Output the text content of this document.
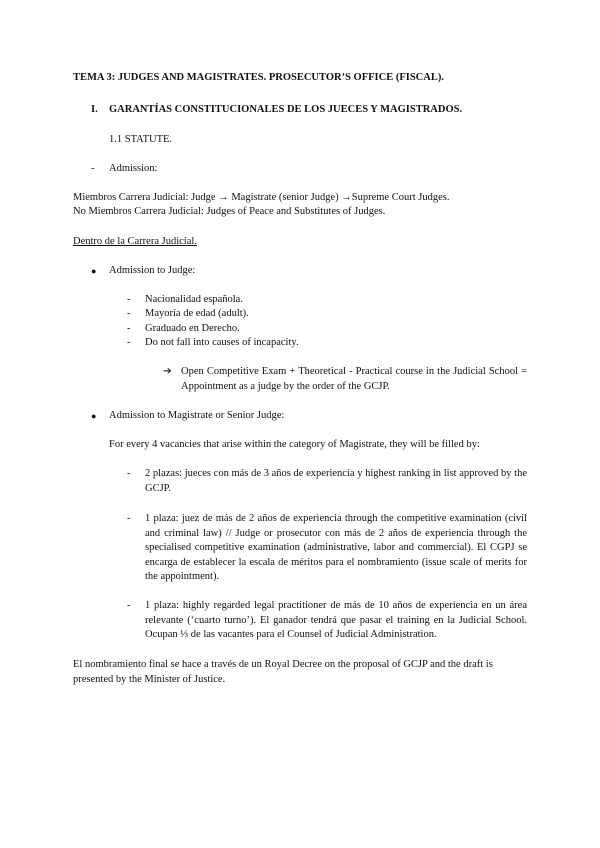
TEMA 3: JUDGES AND MAGISTRATES. PROSECUTOR’S OFFICE (FISCAL).
I. GARANTÍAS CONSTITUCIONALES DE LOS JUECES Y MAGISTRADOS.
1.1 STATUTE.
- Admission:
Miembros Carrera Judicial: Judge → Magistrate (senior Judge) →Supreme Court Judges.
No Miembros Carrera Judicial: Judges of Peace and Substitutes of Judges.
Dentro de la Carrera Judicial.
● Admission to Judge:
- Nacionalidad española.
- Mayoría de edad (adult).
- Graduado en Derecho.
- Do not fall into causes of incapacity.
➔ Open Competitive Exam + Theoretical - Practical course in the Judicial School = Appointment as a judge by the order of the GCJP.
● Admission to Magistrate or Senior Judge:
For every 4 vacancies that arise within the category of Magistrate, they will be filled by:
- 2 plazas: jueces con más de 3 años de experiencia y highest ranking in list approved by the GCJP.
- 1 plaza: juez de más de 2 años de experiencia through the competitive examination (civil and criminal law) // Judge or prosecutor con más de 2 años de experiencia through the specialised competitive examination (administrative, labor and commercial). El CGPJ se encarga de establecer la escala de méritos para el nombramiento (issue scale of merits for the appointment).
- 1 plaza: highly regarded legal practitioner de más de 10 años de experiencia en un área relevante (‘cuarto turno’). El ganador tendrá que pasar el training en la Judicial School. Ocupan ⅓ de las vacantes para el Counsel of Judicial Administration.
El nombramiento final se hace a través de un Royal Decree on the proposal of GCJP and the draft is presented by the Minister of Justice.
